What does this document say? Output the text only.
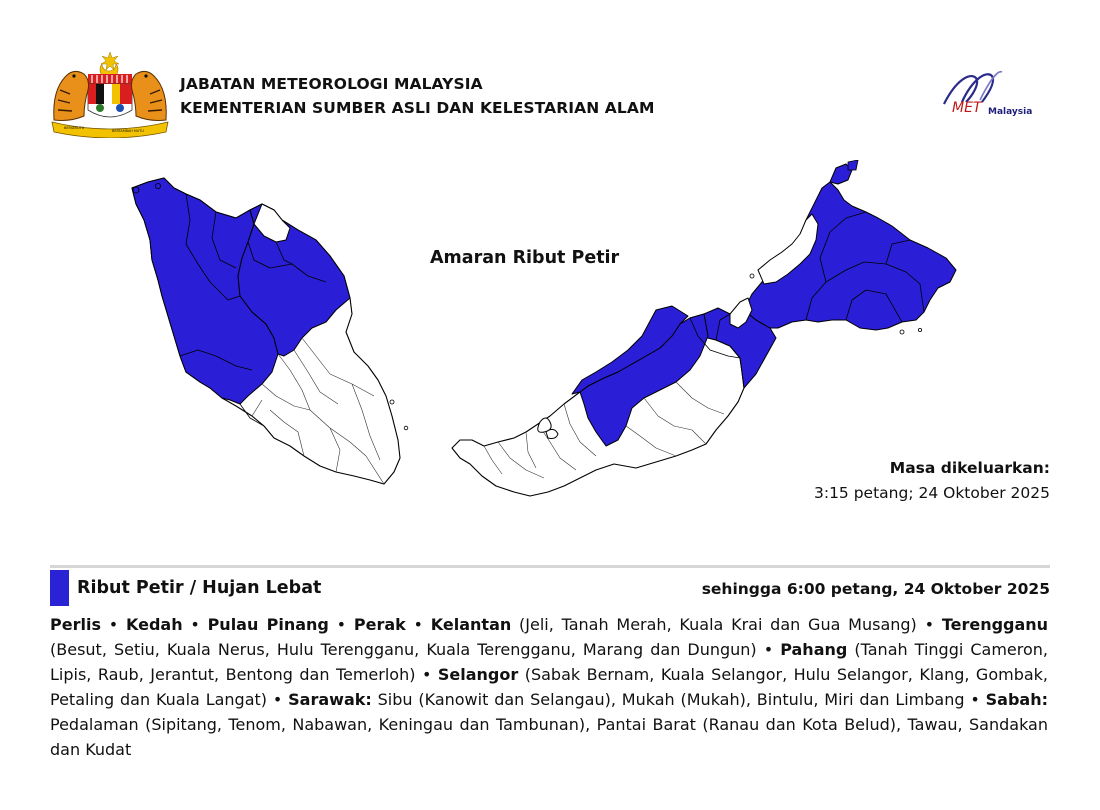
BERSEKUTU
BERTAMBAH MUTU
JABATAN METEOROLOGI MALAYSIA
KEMENTERIAN SUMBER ASLI DAN KELESTARIAN ALAM	MET Malaysia
Amaran Ribut Petir
Masa dikeluarkan:
3:15 petang; 24 Oktober 2025
Ribut Petir / Hujan Lebat	sehingga 6:00 petang, 24 Oktober 2025
Perlis • Kedah • Pulau Pinang • Perak • Kelantan (Jeli, Tanah Merah, Kuala Krai dan Gua Musang) • Terengganu (Besut, Setiu, Kuala Nerus, Hulu Terengganu, Kuala Terengganu, Marang dan Dungun) • Pahang (Tanah Tinggi Cameron, Lipis, Raub, Jerantut, Bentong dan Temerloh) • Selangor (Sabak Bernam, Kuala Selangor, Hulu Selangor, Klang, Gombak, Petaling dan Kuala Langat) • Sarawak: Sibu (Kanowit dan Selangau), Mukah (Mukah), Bintulu, Miri dan Limbang • Sabah: Pedalaman (Sipitang, Tenom, Nabawan, Keningau dan Tambunan), Pantai Barat (Ranau dan Kota Belud), Tawau, Sandakan dan Kudat
